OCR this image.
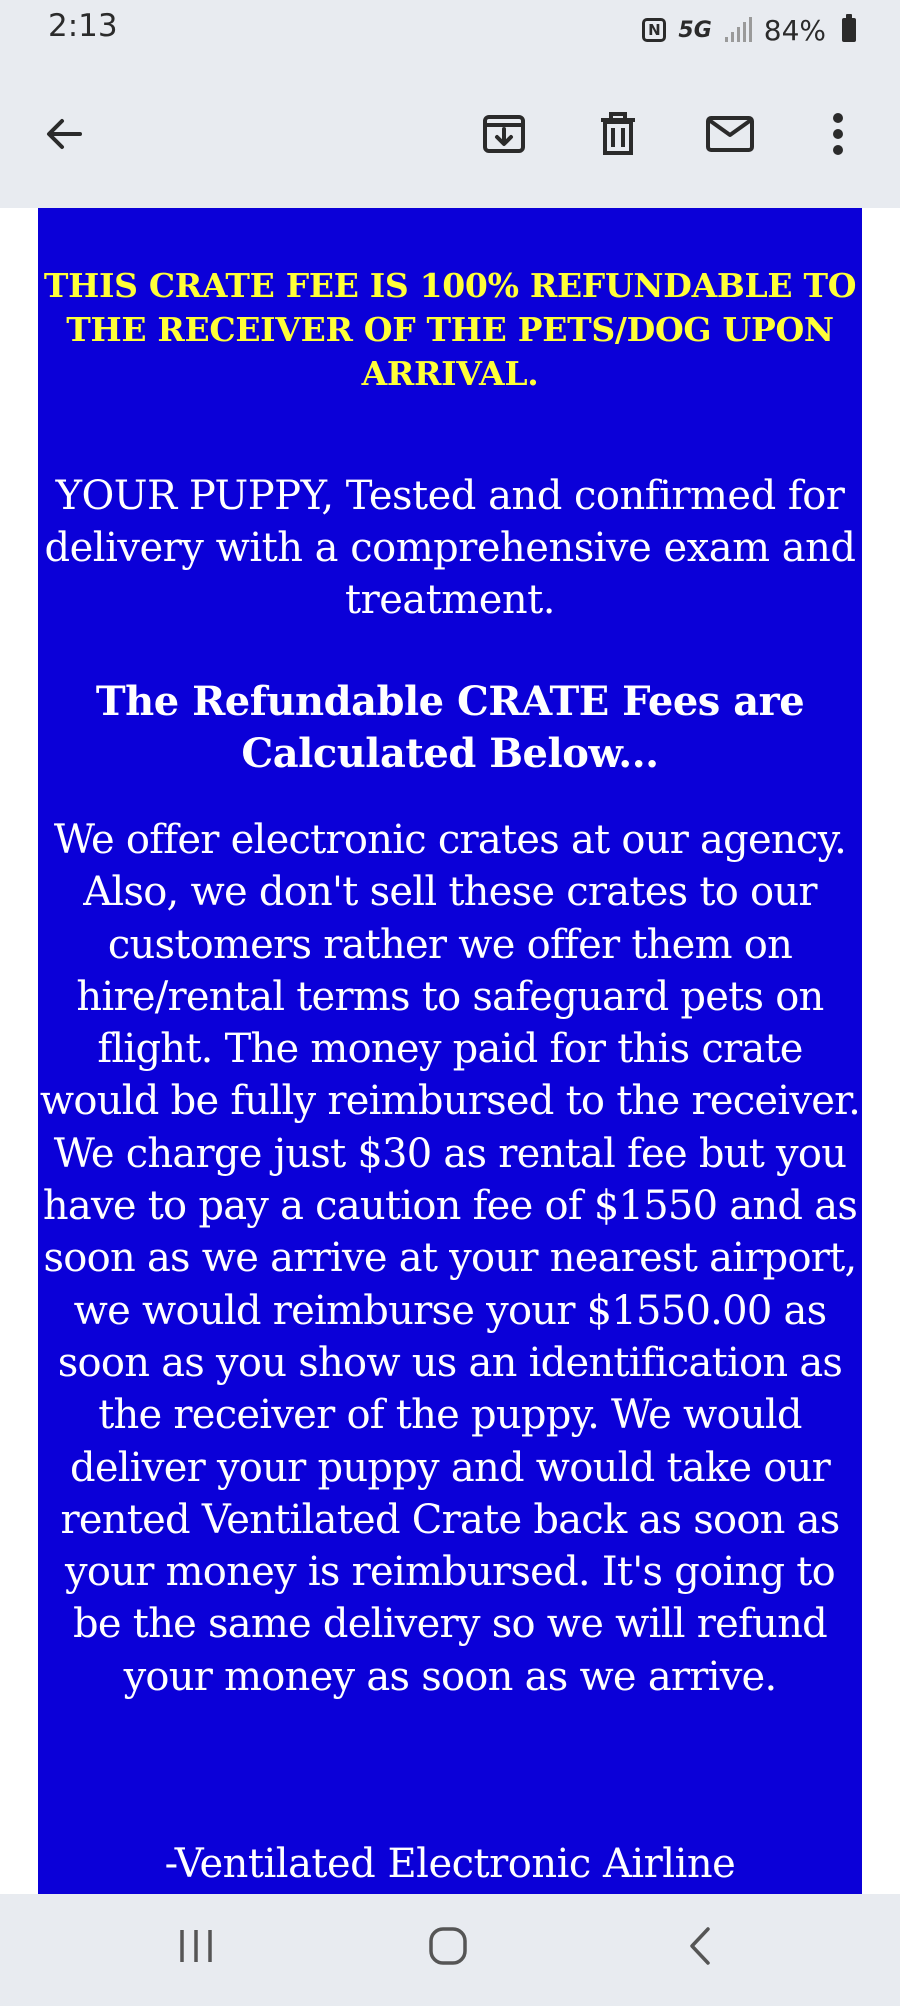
2:13	N 5G 84%
THIS CRATE FEE IS 100% REFUNDABLE TO THE RECEIVER OF THE PETS/DOG UPON ARRIVAL.
YOUR PUPPY, Tested and confirmed for delivery with a comprehensive exam and treatment.
The Refundable CRATE Fees are Calculated Below...
We offer electronic crates at our agency. Also, we don't sell these crates to our customers rather we offer them on hire/rental terms to safeguard pets on flight. The money paid for this crate would be fully reimbursed to the receiver. We charge just $30 as rental fee but you have to pay a caution fee of $1550 and as soon as we arrive at your nearest airport, we would reimburse your $1550.00 as soon as you show us an identification as the receiver of the puppy. We would deliver your puppy and would take our rented Ventilated Crate back as soon as your money is reimbursed. It's going to be the same delivery so we will refund your money as soon as we arrive.
-Ventilated Electronic Airline
